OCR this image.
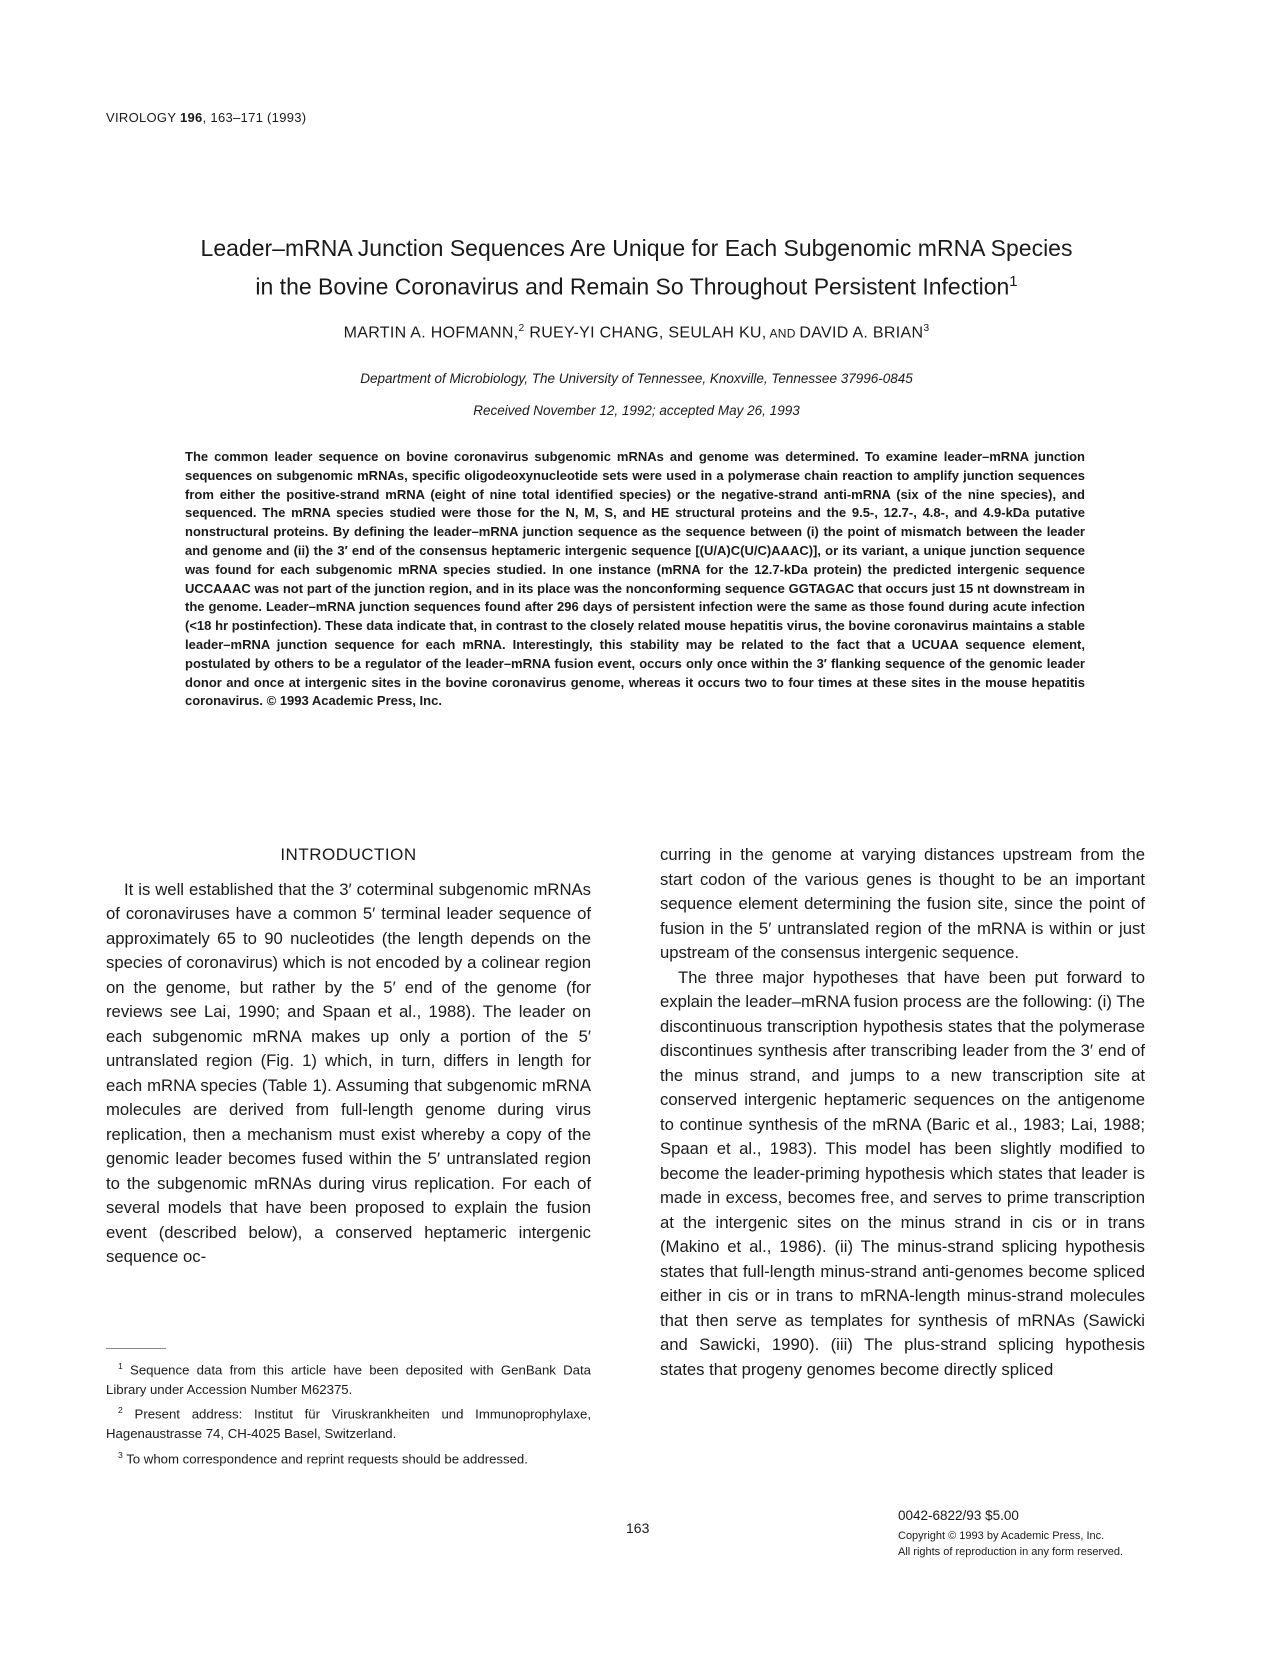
VIROLOGY 196, 163–171 (1993)
Leader–mRNA Junction Sequences Are Unique for Each Subgenomic mRNA Species
in the Bovine Coronavirus and Remain So Throughout Persistent Infection$^1$
MARTIN A. HOFMANN,$^2$ RUEY-YI CHANG, SEULAH KU, AND DAVID A. BRIAN$^3$
Department of Microbiology, The University of Tennessee, Knoxville, Tennessee 37996-0845
Received November 12, 1992; accepted May 26, 1993
The common leader sequence on bovine coronavirus subgenomic mRNAs and genome was determined. To examine leader–mRNA junction sequences on subgenomic mRNAs, specific oligodeoxynucleotide sets were used in a polymerase chain reaction to amplify junction sequences from either the positive-strand mRNA (eight of nine total identified species) or the negative-strand anti-mRNA (six of the nine species), and sequenced. The mRNA species studied were those for the N, M, S, and HE structural proteins and the 9.5-, 12.7-, 4.8-, and 4.9-kDa putative nonstructural proteins. By defining the leader–mRNA junction sequence as the sequence between (i) the point of mismatch between the leader and genome and (ii) the 3′ end of the consensus heptameric intergenic sequence [(U/A)C(U/C)AAAC)], or its variant, a unique junction sequence was found for each subgenomic mRNA species studied. In one instance (mRNA for the 12.7-kDa protein) the predicted intergenic sequence UCCAAAC was not part of the junction region, and in its place was the nonconforming sequence GGTAGAC that occurs just 15 nt downstream in the genome. Leader–mRNA junction sequences found after 296 days of persistent infection were the same as those found during acute infection (<18 hr postinfection). These data indicate that, in contrast to the closely related mouse hepatitis virus, the bovine coronavirus maintains a stable leader–mRNA junction sequence for each mRNA. Interestingly, this stability may be related to the fact that a UCUAA sequence element, postulated by others to be a regulator of the leader–mRNA fusion event, occurs only once within the 3′ flanking sequence of the genomic leader donor and once at intergenic sites in the bovine coronavirus genome, whereas it occurs two to four times at these sites in the mouse hepatitis coronavirus. © 1993 Academic Press, Inc.
INTRODUCTION

It is well established that the 3′ coterminal subgenomic mRNAs of coronaviruses have a common 5′ terminal leader sequence of approximately 65 to 90 nucleotides (the length depends on the species of coronavirus) which is not encoded by a colinear region on the genome, but rather by the 5′ end of the genome (for reviews see Lai, 1990; and Spaan et al., 1988). The leader on each subgenomic mRNA makes up only a portion of the 5′ untranslated region (Fig. 1) which, in turn, differs in length for each mRNA species (Table 1). Assuming that subgenomic mRNA molecules are derived from full-length genome during virus replication, then a mechanism must exist whereby a copy of the genomic leader becomes fused within the 5′ untranslated region to the subgenomic mRNAs during virus replication. For each of several models that have been proposed to explain the fusion event (described below), a conserved heptameric intergenic sequence oc-

curring in the genome at varying distances upstream from the start codon of the various genes is thought to be an important sequence element determining the fusion site, since the point of fusion in the 5′ untranslated region of the mRNA is within or just upstream of the consensus intergenic sequence.

The three major hypotheses that have been put forward to explain the leader–mRNA fusion process are the following: (i) The discontinuous transcription hypothesis states that the polymerase discontinues synthesis after transcribing leader from the 3′ end of the minus strand, and jumps to a new transcription site at conserved intergenic heptameric sequences on the antigenome to continue synthesis of the mRNA (Baric et al., 1983; Lai, 1988; Spaan et al., 1983). This model has been slightly modified to become the leader-priming hypothesis which states that leader is made in excess, becomes free, and serves to prime transcription at the intergenic sites on the minus strand in cis or in trans (Makino et al., 1986). (ii) The minus-strand splicing hypothesis states that full-length minus-strand anti-genomes become spliced either in cis or in trans to mRNA-length minus-strand molecules that then serve as templates for synthesis of mRNAs (Sawicki and Sawicki, 1990). (iii) The plus-strand splicing hypothesis states that progeny genomes become directly spliced

$^1$ Sequence data from this article have been deposited with GenBank Data Library under Accession Number M62375.

$^2$ Present address: Institut für Viruskrankheiten und Immunoprophylaxe, Hagenaustrasse 74, CH-4025 Basel, Switzerland.

$^3$ To whom correspondence and reprint requests should be addressed.

163
0042-6822/93 $5.00
Copyright © 1993 by Academic Press, Inc.
All rights of reproduction in any form reserved.
